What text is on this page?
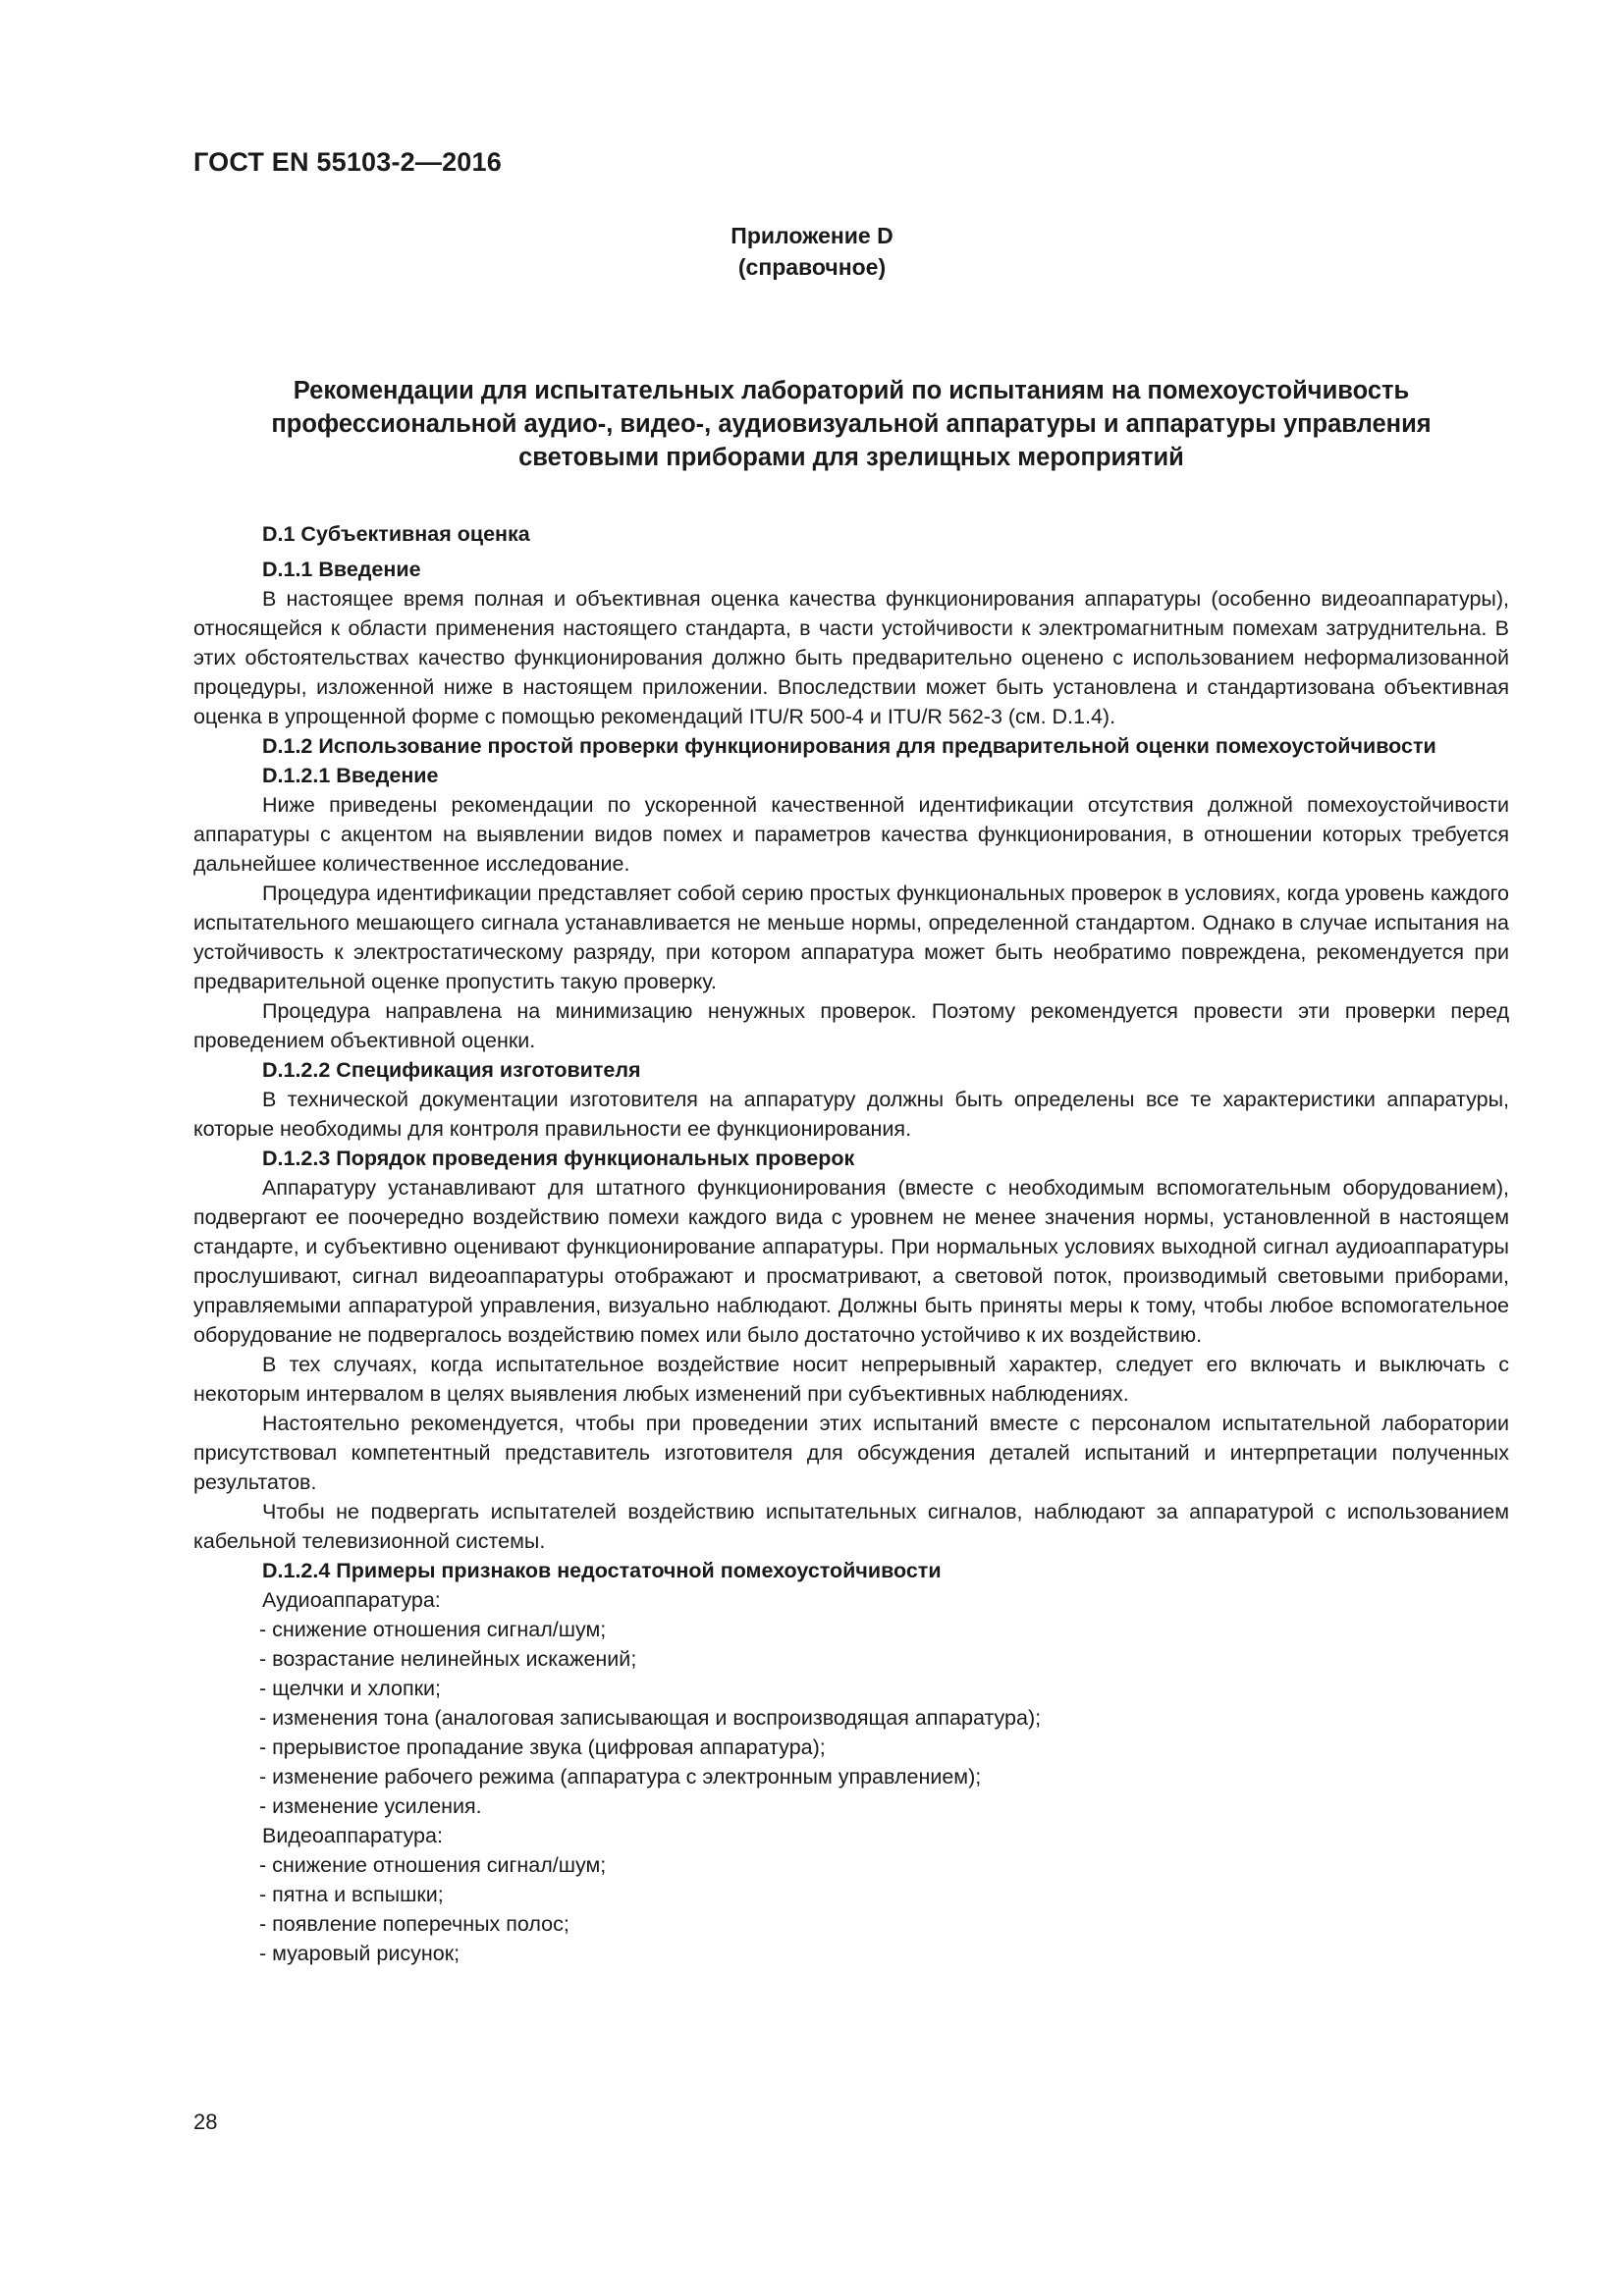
ГОСТ EN 55103-2—2016
Приложение D
(справочное)
Рекомендации для испытательных лабораторий по испытаниям на помехоустойчивость
профессиональной аудио-, видео-, аудиовизуальной аппаратуры и аппаратуры управления
световыми приборами для зрелищных мероприятий

D.1 Субъективная оценка

D.1.1 Введение

В настоящее время полная и объективная оценка качества функционирования аппаратуры (особенно видеоаппаратуры), относящейся к области применения настоящего стандарта, в части устойчивости к электромагнитным помехам затруднительна. В этих обстоятельствах качество функционирования должно быть предварительно оценено с использованием неформализованной процедуры, изложенной ниже в настоящем приложении. Впоследствии может быть установлена и стандартизована объективная оценка в упрощенной форме с помощью рекомендаций ITU/R 500-4 и ITU/R 562-3 (см. D.1.4).

D.1.2 Использование простой проверки функционирования для предварительной оценки помехоустойчивости

D.1.2.1 Введение

Ниже приведены рекомендации по ускоренной качественной идентификации отсутствия должной помехоустойчивости аппаратуры с акцентом на выявлении видов помех и параметров качества функционирования, в отношении которых требуется дальнейшее количественное исследование.

Процедура идентификации представляет собой серию простых функциональных проверок в условиях, когда уровень каждого испытательного мешающего сигнала устанавливается не меньше нормы, определенной стандартом. Однако в случае испытания на устойчивость к электростатическому разряду, при котором аппаратура может быть необратимо повреждена, рекомендуется при предварительной оценке пропустить такую проверку.

Процедура направлена на минимизацию ненужных проверок. Поэтому рекомендуется провести эти проверки перед проведением объективной оценки.

D.1.2.2 Спецификация изготовителя

В технической документации изготовителя на аппаратуру должны быть определены все те характеристики аппаратуры, которые необходимы для контроля правильности ее функционирования.

D.1.2.3 Порядок проведения функциональных проверок

Аппаратуру устанавливают для штатного функционирования (вместе с необходимым вспомогательным оборудованием), подвергают ее поочередно воздействию помехи каждого вида с уровнем не менее значения нормы, установленной в настоящем стандарте, и субъективно оценивают функционирование аппаратуры. При нормальных условиях выходной сигнал аудиоаппаратуры прослушивают, сигнал видеоаппаратуры отображают и просматривают, а световой поток, производимый световыми приборами, управляемыми аппаратурой управления, визуально наблюдают. Должны быть приняты меры к тому, чтобы любое вспомогательное оборудование не подвергалось воздействию помех или было достаточно устойчиво к их воздействию.

В тех случаях, когда испытательное воздействие носит непрерывный характер, следует его включать и выключать с некоторым интервалом в целях выявления любых изменений при субъективных наблюдениях.

Настоятельно рекомендуется, чтобы при проведении этих испытаний вместе с персоналом испытательной лаборатории присутствовал компетентный представитель изготовителя для обсуждения деталей испытаний и интерпретации полученных результатов.

Чтобы не подвергать испытателей воздействию испытательных сигналов, наблюдают за аппаратурой с использованием кабельной телевизионной системы.

D.1.2.4 Примеры признаков недостаточной помехоустойчивости

Аудиоаппаратура:

- снижение отношения сигнал/шум;

- возрастание нелинейных искажений;

- щелчки и хлопки;

- изменения тона (аналоговая записывающая и воспроизводящая аппаратура);

- прерывистое пропадание звука (цифровая аппаратура);

- изменение рабочего режима (аппаратура с электронным управлением);

- изменение усиления.

Видеоаппаратура:

- снижение отношения сигнал/шум;

- пятна и вспышки;

- появление поперечных полос;

- муаровый рисунок;

28
